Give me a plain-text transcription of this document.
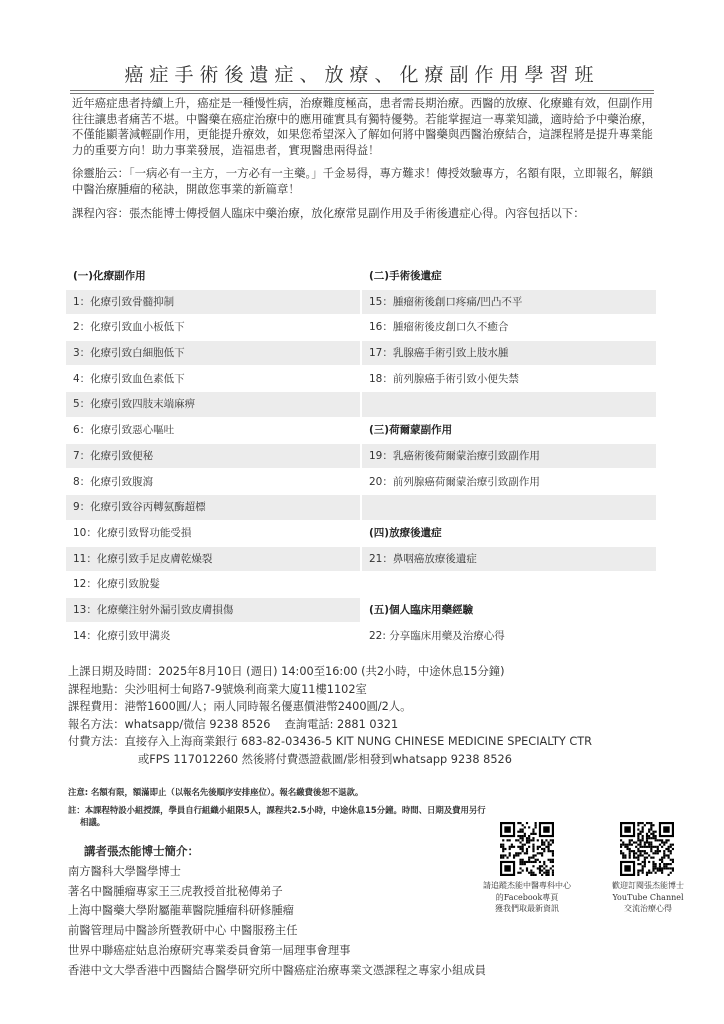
癌症手術後遺症、放療、化療副作用學習班

近年癌症患者持續上升，癌症是一種慢性病，治療難度極高，患者需長期治療。西醫的放療、化療雖有效，但副作用往往讓患者痛苦不堪。中醫藥在癌症治療中的應用確實具有獨特優勢。若能掌握這一專業知識，適時給予中藥治療，不僅能顯著減輕副作用，更能提升療效，如果您希望深入了解如何將中醫藥與西醫治療結合，這課程將是提升專業能力的重要方向！助力事業發展，造福患者，實現醫患兩得益！

徐靈胎云：「一病必有一主方，一方必有一主藥。」千金易得，專方難求！傳授效驗專方，名額有限，立即報名，解鎖中醫治療腫瘤的秘訣，開啟您事業的新篇章！

課程內容：張杰能博士傳授個人臨床中藥治療，放化療常見副作用及手術後遺症心得。內容包括以下：

(一)化療副作用	(二)手術後遺症
1：化療引致骨髓抑制	15：腫瘤術後創口疼痛/凹凸不平
2：化療引致血小板低下	16：腫瘤術後皮創口久不癒合
3：化療引致白細胞低下	17：乳腺癌手術引致上肢水腫
4：化療引致血色素低下	18：前列腺癌手術引致小便失禁
5：化療引致四肢末端麻痹
6：化療引致惡心嘔吐	(三)荷爾蒙副作用
7：化療引致便秘	19：乳癌術後荷爾蒙治療引致副作用
8：化療引致腹瀉	20：前列腺癌荷爾蒙治療引致副作用
9：化療引致谷丙轉氨酶超標
10：化療引致腎功能受損	(四)放療後遺症
11：化療引致手足皮膚乾燥裂	21：鼻咽癌放療後遺症
12：化療引致脫髮
13：化療藥注射外漏引致皮膚損傷	(五)個人臨床用藥經驗
14：化療引致甲溝炎	22: 分享臨床用藥及治療心得
上課日期及時間：2025年8月10日 (週日) 14:00至16:00 (共2小時，中途休息15分鐘)
課程地點：尖沙咀柯士甸路7-9號煥利商業大廈11樓1102室
課程費用：港幣1600圓/人；兩人同時報名優惠價港幣2400圓/2人。
報名方法：whatsapp/微信 9238 8526 查詢電話: 2881 0321
付費方法：直接存入上海商業銀行 683-82-03436-5 KIT NUNG CHINESE MEDICINE SPECIALTY CTR
或FPS 117012260 然後將付費憑證截圖/影相發到whatsapp 9238 8526
注意: 名額有限，額滿即止（以報名先後順序安排座位）。報名繳費後恕不退款。
註：本課程特設小組授課，學員自行組織小組限5人，課程共2.5小時，中途休息15分鐘。時間、日期及費用另行相議。
講者張杰能博士簡介：
南方醫科大學醫學博士
著名中醫腫瘤專家王三虎教授首批秘傳弟子
上海中醫藥大學附屬龍華醫院腫瘤科研修腫瘤
前醫管理局中醫診所暨教研中心 中醫服務主任
世界中聯癌症姑息治療研究專業委員會第一屆理事會理事
香港中文大學香港中西醫結合醫學研究所中醫癌症治療專業文憑課程之專家小組成員
請追蹤杰能中醫專科中心
的Facebook專頁
獲我們取最新資訊
歡迎訂閱張杰能博士
YouTube Channel
交流治療心得
